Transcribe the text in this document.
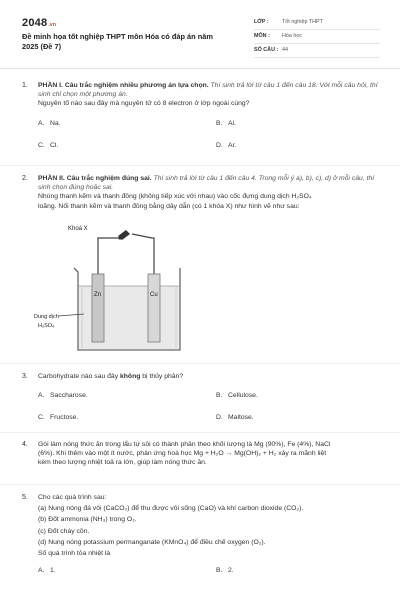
2048.vn
Đề minh họa tốt nghiệp THPT môn Hóa có đáp án năm 2025 (Đề 7)
LỚP :	Tốt nghiệp THPT
MÔN :	Hóa học
SỐ CÂU : 44
1.	PHẦN I. Câu trắc nghiệm nhiều phương án lựa chọn. Thí sinh trả lời từ câu 1 đến câu 18. Với mỗi câu hỏi, thí sinh chỉ chọn một phương án.
Nguyên tố nào sau đây mà nguyên tử có 8 electron ở lớp ngoài cùng?
A. Na.	B. Al.
C. Cl.	D. Ar.
2.	PHẦN II. Câu trắc nghiệm đúng sai. Thí sinh trả lời từ câu 1 đến câu 4. Trong mỗi ý a), b), c), d) ở mỗi câu, thí sinh chọn đúng hoặc sai.
Nhúng thanh kẽm và thanh đồng (không tiếp xúc với nhau) vào cốc đựng dung dịch H₂SO₄
loãng. Nối thanh kẽm và thanh đồng bằng dây dẫn (có 1 khóa X) như hình vẽ như sau:
Khoá X
Zn	Cu
Dung dịch
H₂SO₄
3.	Carbohydrate nào sau đây không bị thủy phân?
A. Saccharose.	B. Cellulose.
C. Fructose.	D. Maltose.
4.	Gói làm nóng thức ăn trong lẩu tự sôi có thành phần theo khối lượng là Mg (90%), Fe (4%), NaCl
(6%). Khi thêm vào một ít nước, phản ứng hoá học Mg + H₂O → Mg(OH)₂ + H₂ xảy ra mãnh liệt
kèm theo lượng nhiệt toả ra lớn, giúp làm nóng thức ăn.
5.	Cho các quá trình sau:
(a) Nung nóng đá vôi (CaCO₃) để thu được vôi sống (CaO) và khí carbon dioxide (CO₂).
(b) Đốt ammonia (NH₃) trong O₂.
(c) Đốt cháy cồn.
(d) Nung nóng potassium permanganate (KMnO₄) để điều chế oxygen (O₂).
Số quá trình tỏa nhiệt là
A. 1.	B. 2.
